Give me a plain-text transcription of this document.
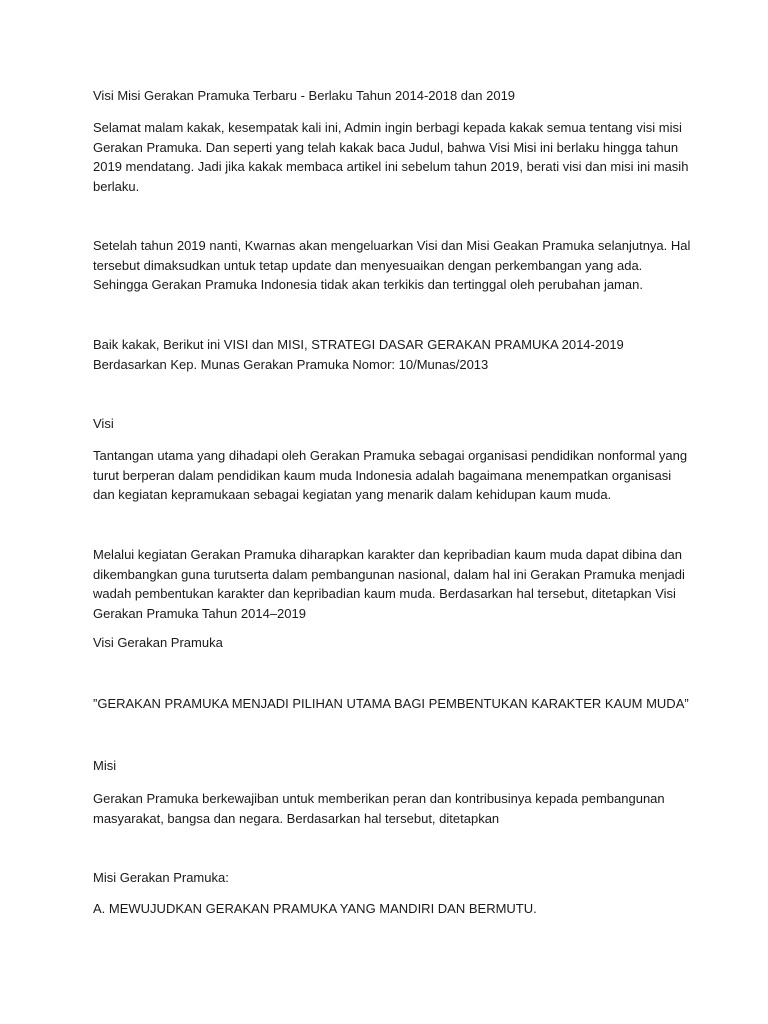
Visi Misi Gerakan Pramuka Terbaru - Berlaku Tahun 2014-2018 dan 2019
Selamat malam kakak, kesempatak kali ini, Admin ingin berbagi kepada kakak semua tentang visi misi Gerakan Pramuka. Dan seperti yang telah kakak baca Judul, bahwa Visi Misi ini berlaku hingga tahun 2019 mendatang. Jadi jika kakak membaca artikel ini sebelum tahun 2019, berati visi dan misi ini masih berlaku.
Setelah tahun 2019 nanti, Kwarnas akan mengeluarkan Visi dan Misi Geakan Pramuka selanjutnya. Hal tersebut dimaksudkan untuk tetap update dan menyesuaikan dengan perkembangan yang ada. Sehingga Gerakan Pramuka Indonesia tidak akan terkikis dan tertinggal oleh perubahan jaman.
Baik kakak, Berikut ini VISI dan MISI, STRATEGI DASAR GERAKAN PRAMUKA 2014-2019 Berdasarkan Kep. Munas Gerakan Pramuka Nomor: 10/Munas/2013
Visi
Tantangan utama yang dihadapi oleh Gerakan Pramuka sebagai organisasi pendidikan nonformal yang turut berperan dalam pendidikan kaum muda Indonesia adalah bagaimana menempatkan organisasi dan kegiatan kepramukaan sebagai kegiatan yang menarik dalam kehidupan kaum muda.
Melalui kegiatan Gerakan Pramuka diharapkan karakter dan kepribadian kaum muda dapat dibina dan dikembangkan guna turutserta dalam pembangunan nasional, dalam hal ini Gerakan Pramuka menjadi wadah pembentukan karakter dan kepribadian kaum muda. Berdasarkan hal tersebut, ditetapkan Visi Gerakan Pramuka Tahun 2014–2019
Visi Gerakan Pramuka
”GERAKAN PRAMUKA MENJADI PILIHAN UTAMA BAGI PEMBENTUKAN KARAKTER KAUM MUDA”
Misi
Gerakan Pramuka berkewajiban untuk memberikan peran dan kontribusinya kepada pembangunan masyarakat, bangsa dan negara. Berdasarkan hal tersebut, ditetapkan
Misi Gerakan Pramuka:
A. MEWUJUDKAN GERAKAN PRAMUKA YANG MANDIRI DAN BERMUTU.
